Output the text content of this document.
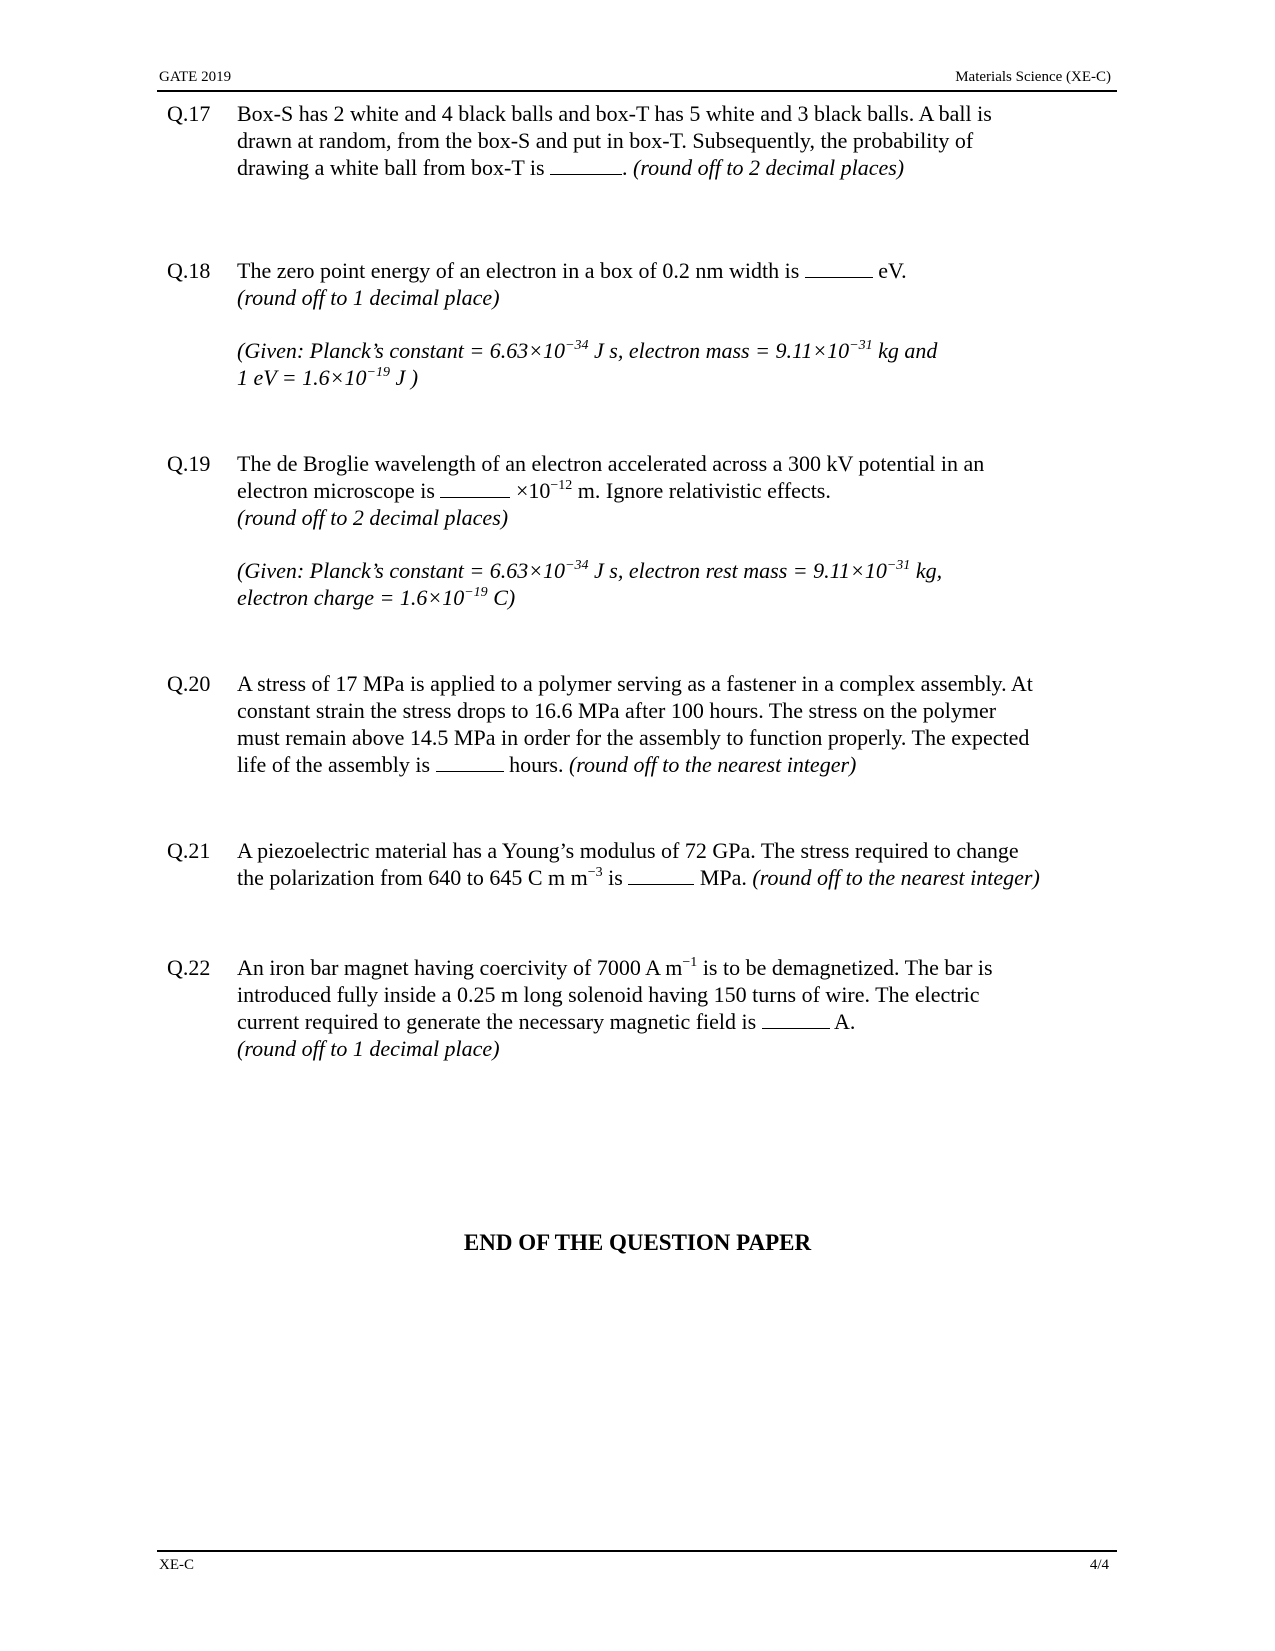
GATE 2019	Materials Science (XE-C)
Q.17 Box-S has 2 white and 4 black balls and box-T has 5 white and 3 black balls. A ball is

drawn at random, from the box-S and put in box-T. Subsequently, the probability of

drawing a white ball from box-T is	. (round off to 2 decimal places)

Q.18 The zero point energy of an electron in a box of 0.2 nm width is	eV.

(round off to 1 decimal place)

(Given: Planck’s constant = $6.63\times 10^{-34}$ J s, electron mass = $9.11\times 10^{-31}$ kg and

1 eV = $1.6\times 10^{-19}$ J )

Q.19 The de Broglie wavelength of an electron accelerated across a 300 kV potential in an

electron microscope is	$\times 10^{-12}$ m. Ignore relativistic effects.

(round off to 2 decimal places)

(Given: Planck’s constant = $6.63\times 10^{-34}$ J s, electron rest mass = $9.11\times 10^{-31}$ kg,

electron charge = $1.6\times 10^{-19}$ C)

Q.20 A stress of 17 MPa is applied to a polymer serving as a fastener in a complex assembly. At

constant strain the stress drops to 16.6 MPa after 100 hours. The stress on the polymer

must remain above 14.5 MPa in order for the assembly to function properly. The expected

life of the assembly is	hours. (round off to the nearest integer)

Q.21 A piezoelectric material has a Young’s modulus of 72 GPa. The stress required to change

the polarization from 640 to 645 C m $m^{-3}$ is	MPa. (round off to the nearest integer)

Q.22 An iron bar magnet having coercivity of 7000 A $m^{-1}$ is to be demagnetized. The bar is

introduced fully inside a 0.25 m long solenoid having 150 turns of wire. The electric

current required to generate the necessary magnetic field is	A.

(round off to 1 decimal place)

END OF THE QUESTION PAPER
XE-C	4/4
